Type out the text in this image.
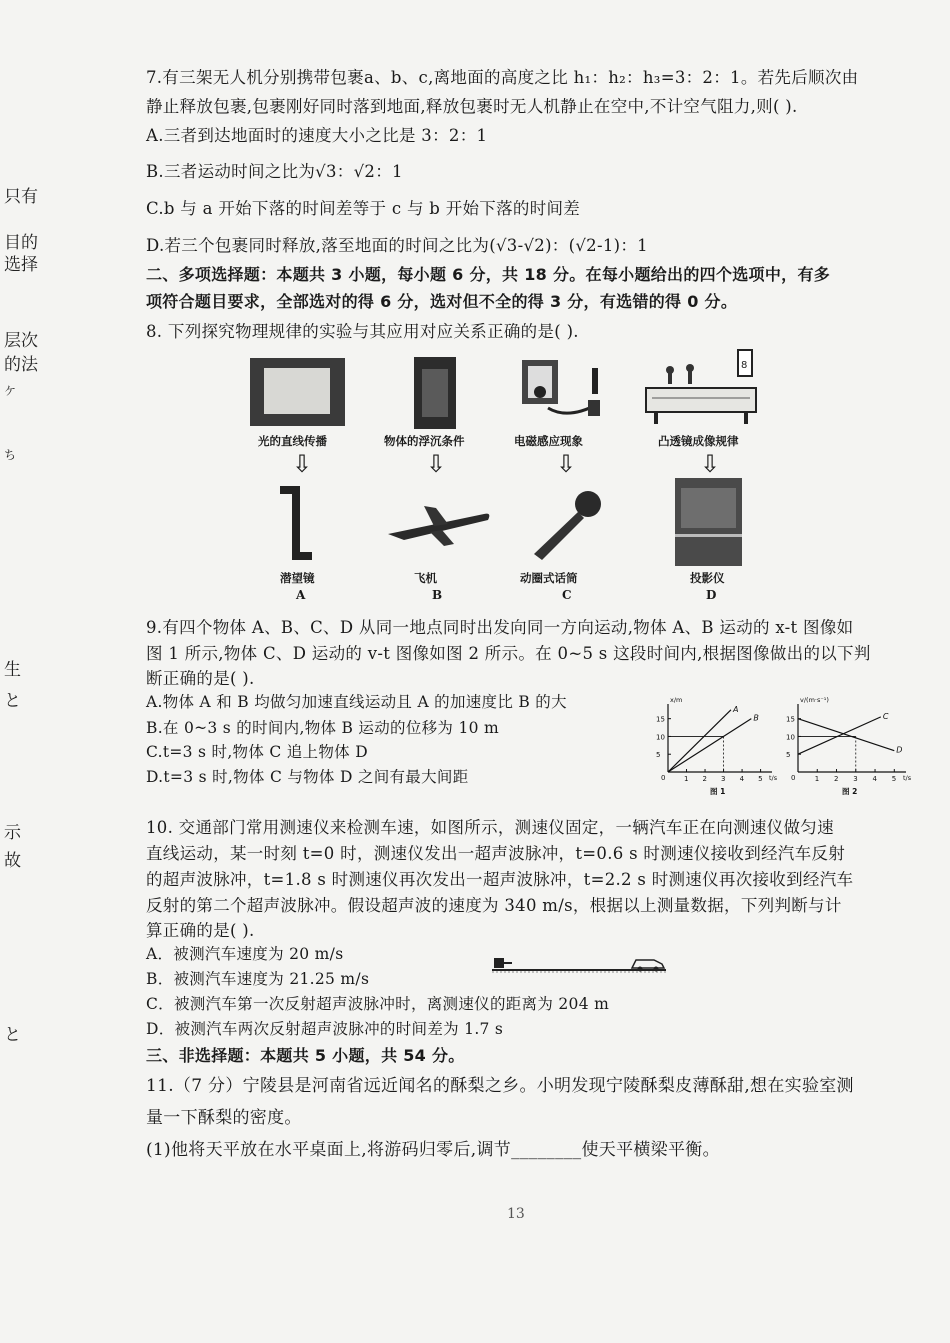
只有
目的
选择
层次
的法
ケ
ち
生
と
示
故
と
7.有三架无人机分别携带包裹a、b、c,离地面的高度之比 h₁：h₂：h₃=3：2：1。若先后顺次由
静止释放包裹,包裹刚好同时落到地面,释放包裹时无人机静止在空中,不计空气阻力,则( ).
A.三者到达地面时的速度大小之比是 3：2：1
B.三者运动时间之比为√3：√2：1
C.b 与 a 开始下落的时间差等于 c 与 b 开始下落的时间差
D.若三个包裹同时释放,落至地面的时间之比为(√3-√2)：(√2-1)：1
二、多项选择题：本题共 3 小题，每小题 6 分，共 18 分。在每小题给出的四个选项中，有多
项符合题目要求，全部选对的得 6 分，选对但不全的得 3 分，有选错的得 0 分。
8. 下列探究物理规律的实验与其应用对应关系正确的是( ).
8
光的直线传播	物体的浮沉条件	电磁感应现象	凸透镜成像规律
⇩	⇩	⇩	⇩
潜望镜	飞机	动圈式话筒	投影仪
A	B	C	D
9.有四个物体 A、B、C、D 从同一地点同时出发向同一方向运动,物体 A、B 运动的 x-t 图像如
图 1 所示,物体 C、D 运动的 v-t 图像如图 2 所示。在 0~5 s 这段时间内,根据图像做出的以下判
断正确的是( ).
A.物体 A 和 B 均做匀加速直线运动且 A 的加速度比 B 的大
B.在 0~3 s 的时间内,物体 B 运动的位移为 10 m
C.t=3 s 时,物体 C 追上物体 D
D.t=3 s 时,物体 C 与物体 D 之间有最大间距	1 2 3 4 5
5
10
15
0
A
B
x/m
t/s
图 1
1 2 3 4 5
5
10
15
0
C
D
v/(m·s⁻¹)
t/s
图 2
10. 交通部门常用测速仪来检测车速，如图所示，测速仪固定，一辆汽车正在向测速仪做匀速
直线运动，某一时刻 t=0 时，测速仪发出一超声波脉冲，t=0.6 s 时测速仪接收到经汽车反射
的超声波脉冲，t=1.8 s 时测速仪再次发出一超声波脉冲，t=2.2 s 时测速仪再次接收到经汽车
反射的第二个超声波脉冲。假设超声波的速度为 340 m/s，根据以上测量数据，下列判断与计
算正确的是( ).
A．被测汽车速度为 20 m/s
B．被测汽车速度为 21.25 m/s
C．被测汽车第一次反射超声波脉冲时，离测速仪的距离为 204 m
D．被测汽车两次反射超声波脉冲的时间差为 1.7 s
三、非选择题：本题共 5 小题，共 54 分。
11.（7 分）宁陵县是河南省远近闻名的酥梨之乡。小明发现宁陵酥梨皮薄酥甜,想在实验室测
量一下酥梨的密度。
(1)他将天平放在水平桌面上,将游码归零后,调节________使天平横梁平衡。
13
